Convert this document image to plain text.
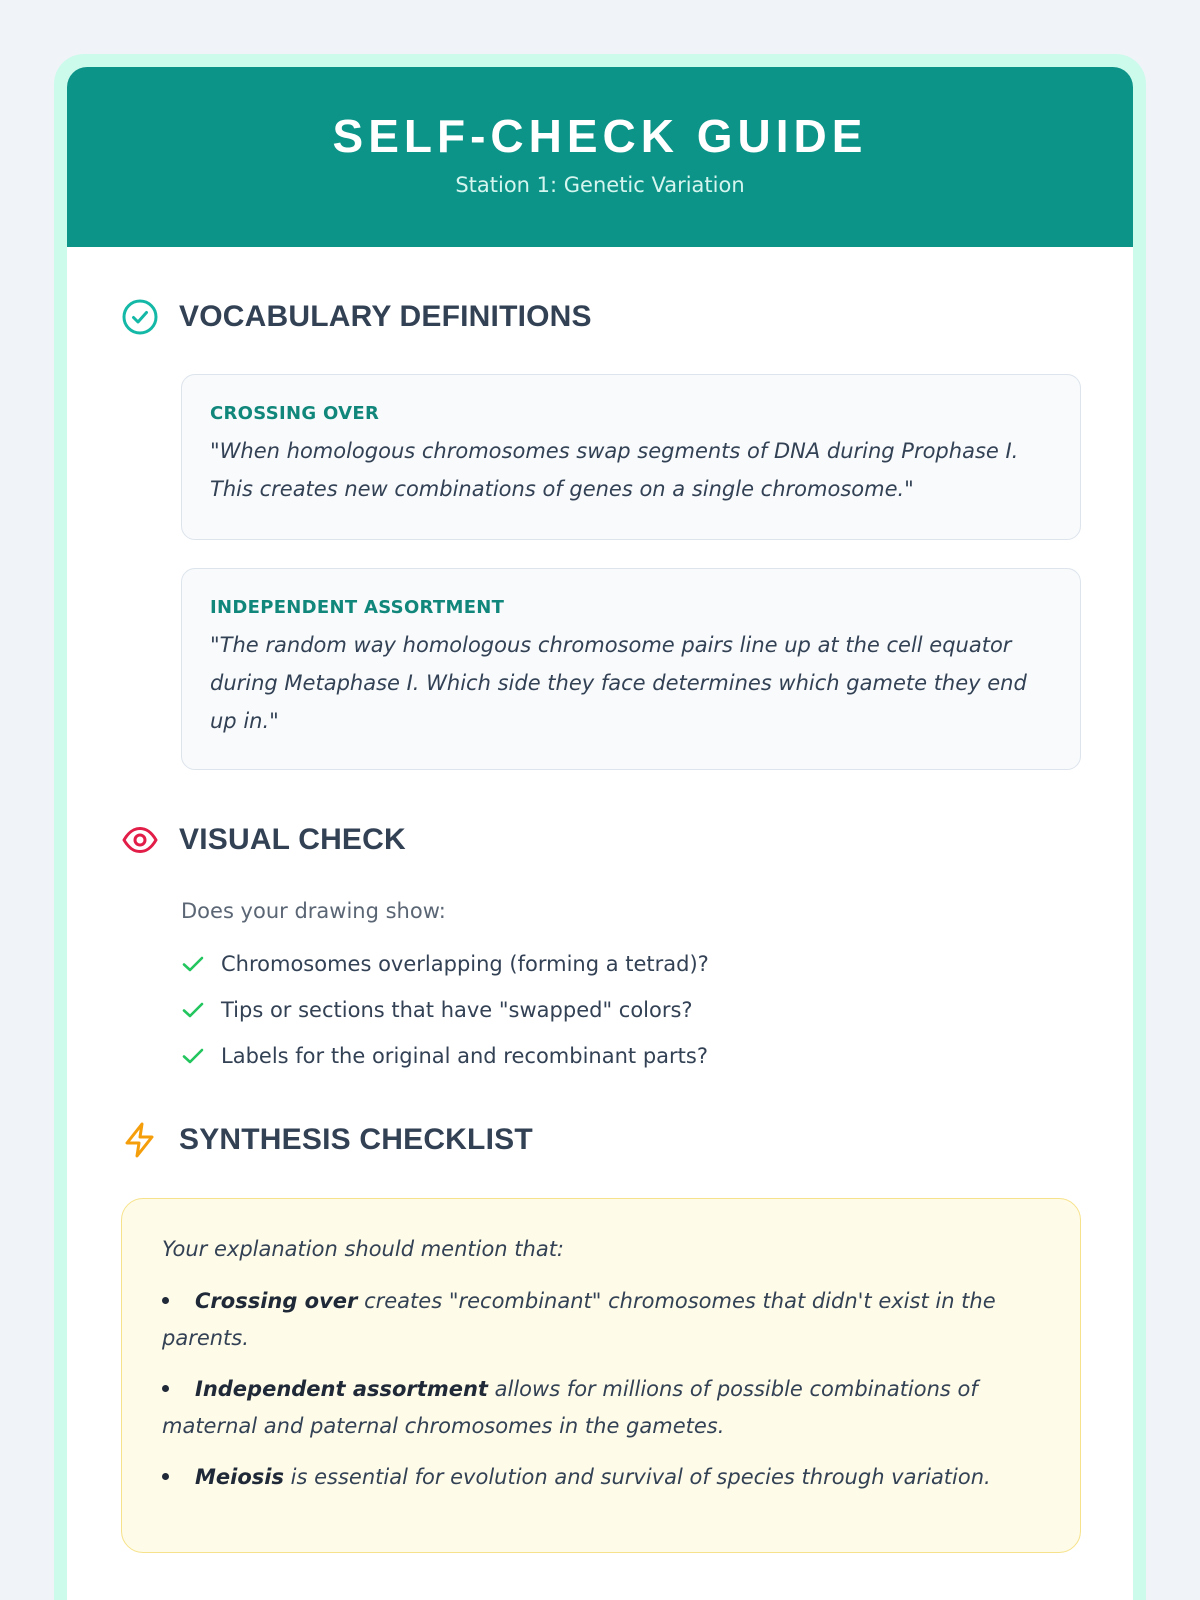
SELF-CHECK GUIDE
Station 1: Genetic Variation
VOCABULARY DEFINITIONS
CROSSING OVER
"When homologous chromosomes swap segments of DNA during Prophase I. This creates new combinations of genes on a single chromosome."
INDEPENDENT ASSORTMENT
"The random way homologous chromosome pairs line up at the cell equator during Metaphase I. Which side they face determines which gamete they end up in."
VISUAL CHECK
Does your drawing show:
Chromosomes overlapping (forming a tetrad)?
Tips or sections that have "swapped" colors?
Labels for the original and recombinant parts?
SYNTHESIS CHECKLIST
Your explanation should mention that:
Crossing over creates "recombinant" chromosomes that didn't exist in the parents.
Independent assortment allows for millions of possible combinations of maternal and paternal chromosomes in the gametes.
Meiosis is essential for evolution and survival of species through variation.
